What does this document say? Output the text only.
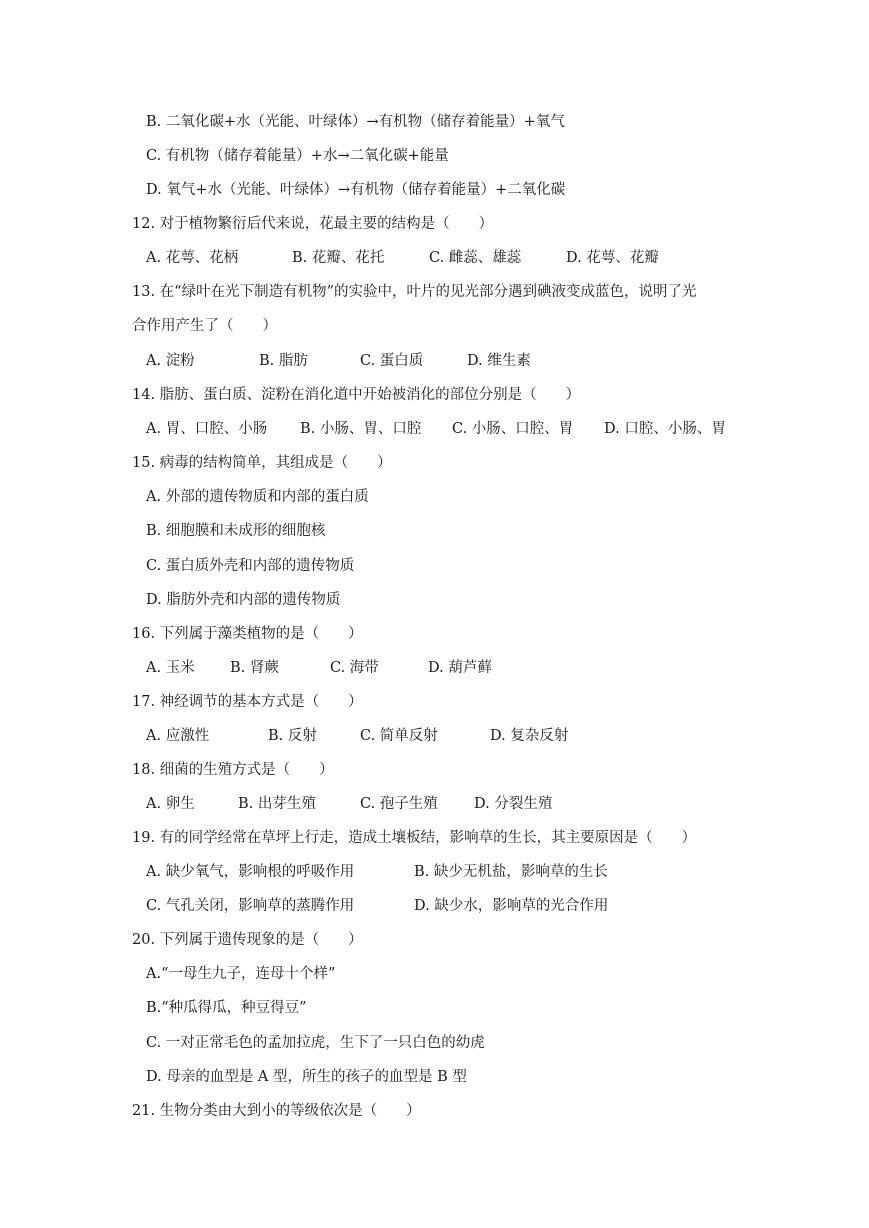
B. 二氧化碳+水（光能、叶绿体）→有机物（储存着能量）+氧气
C. 有机物（储存着能量）+水→二氧化碳+能量
D. 氧气+水（光能、叶绿体）→有机物（储存着能量）+二氧化碳
12. 对于植物繁衍后代来说，花最主要的结构是（　　）
A. 花萼、花柄	B. 花瓣、花托	C. 雌蕊、雄蕊	D. 花萼、花瓣
13. 在“绿叶在光下制造有机物”的实验中，叶片的见光部分遇到碘液变成蓝色，说明了光
合作用产生了（　　）
A. 淀粉	B. 脂肪	C. 蛋白质	D. 维生素
14. 脂肪、蛋白质、淀粉在消化道中开始被消化的部位分别是（　　）
A. 胃、口腔、小肠 B. 小肠、胃、口腔 C. 小肠、口腔、胃 D. 口腔、小肠、胃
15. 病毒的结构简单，其组成是（　　）
A. 外部的遗传物质和内部的蛋白质
B. 细胞膜和未成形的细胞核
C. 蛋白质外壳和内部的遗传物质
D. 脂肪外壳和内部的遗传物质
16. 下列属于藻类植物的是（　　）
A. 玉米 B. 肾蕨	C. 海带	D. 葫芦藓
17. 神经调节的基本方式是（　　）
A. 应激性	B. 反射	C. 简单反射	D. 复杂反射
18. 细菌的生殖方式是（　　）
A. 卵生	B. 出芽生殖	C. 孢子生殖 D. 分裂生殖
19. 有的同学经常在草坪上行走，造成土壤板结，影响草的生长，其主要原因是（　　）
A. 缺少氧气，影响根的呼吸作用	B. 缺少无机盐，影响草的生长
C. 气孔关闭，影响草的蒸腾作用	D. 缺少水，影响草的光合作用
20. 下列属于遗传现象的是（　　）
A.“一母生九子，连母十个样”
B.“种瓜得瓜，种豆得豆”
C. 一对正常毛色的孟加拉虎，生下了一只白色的幼虎
D. 母亲的血型是 A 型，所生的孩子的血型是 B 型
21. 生物分类由大到小的等级依次是（　　）
